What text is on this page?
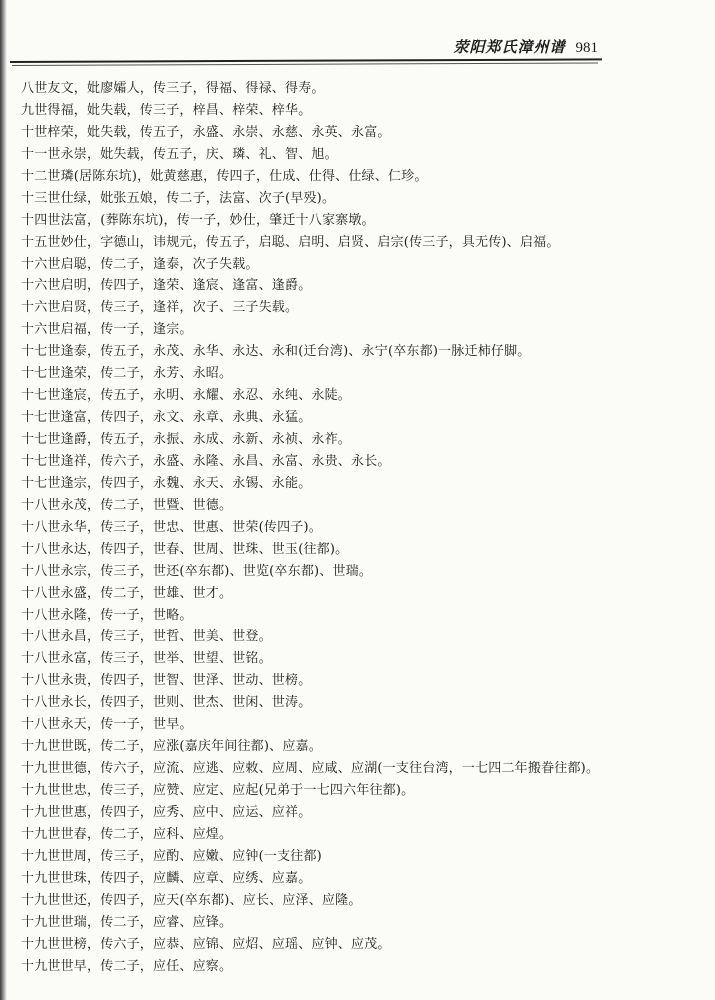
荥阳郑氏漳州谱 981
八世友文，妣廖孀人，传三子，得福、得禄、得寿。
九世得福，妣失载，传三子，梓昌、梓荣、梓华。
十世梓荣，妣失载，传五子，永盛、永崇、永慈、永英、永富。
十一世永崇，妣失载，传五子，庆、璘、礼、智、旭。
十二世璘(居陈东坑)，妣黄慈惠，传四子，仕成、仕得、仕绿、仁珍。
十三世仕绿，妣张五娘，传二子，法富、次子(早殁)。
十四世法富，(葬陈东坑)，传一子，妙仕，肇迁十八家寨墩。
十五世妙仕，字德山，讳规元，传五子，启聪、启明、启贤、启宗(传三子，具无传)、启福。
十六世启聪，传二子，逢泰，次子失载。
十六世启明，传四子，逢荣、逢宸、逢富、逢爵。
十六世启贤，传三子，逢祥，次子、三子失载。
十六世启福，传一子，逢宗。
十七世逢泰，传五子，永茂、永华、永达、永和(迁台湾)、永宁(卒东都)一脉迁柿仔脚。
十七世逢荣，传二子，永芳、永昭。
十七世逢宸，传五子，永明、永耀、永忍、永纯、永陡。
十七世逢富，传四子，永文、永章、永典、永猛。
十七世逢爵，传五子，永振、永成、永新、永祯、永祚。
十七世逢祥，传六子，永盛、永隆、永昌、永富、永贵、永长。
十七世逢宗，传四子，永魏、永天、永锡、永能。
十八世永茂，传二子，世暨、世德。
十八世永华，传三子，世忠、世惠、世荣(传四子)。
十八世永达，传四子，世春、世周、世珠、世玉(往都)。
十八世永宗，传三子，世还(卒东都)、世览(卒东都)、世瑞。
十八世永盛，传二子，世雄、世才。
十八世永隆，传一子，世略。
十八世永昌，传三子，世哲、世美、世登。
十八世永富，传三子，世举、世望、世铭。
十八世永贵，传四子，世智、世泽、世动、世榜。
十八世永长，传四子，世则、世杰、世闲、世涛。
十八世永天，传一子，世早。
十九世世既，传二子，应涨(嘉庆年间往都)、应嘉。
十九世世德，传六子，应流、应逃、应敕、应周、应咸、应湖(一支往台湾，一七四二年搬眷往都)。
十九世世忠，传三子，应赞、应定、应起(兄弟于一七四六年往都)。
十九世世惠，传四子，应秀、应中、应运、应祥。
十九世世春，传二子，应科、应煌。
十九世世周，传三子，应酌、应嫩、应钟(一支往都)
十九世世珠，传四子，应麟、应章、应绣、应嘉。
十九世世还，传四子，应天(卒东都)、应长、应泽、应隆。
十九世世瑞，传二子，应睿、应锋。
十九世世榜，传六子，应恭、应锦、应炤、应瑶、应钟、应茂。
十九世世早，传二子，应任、应察。
